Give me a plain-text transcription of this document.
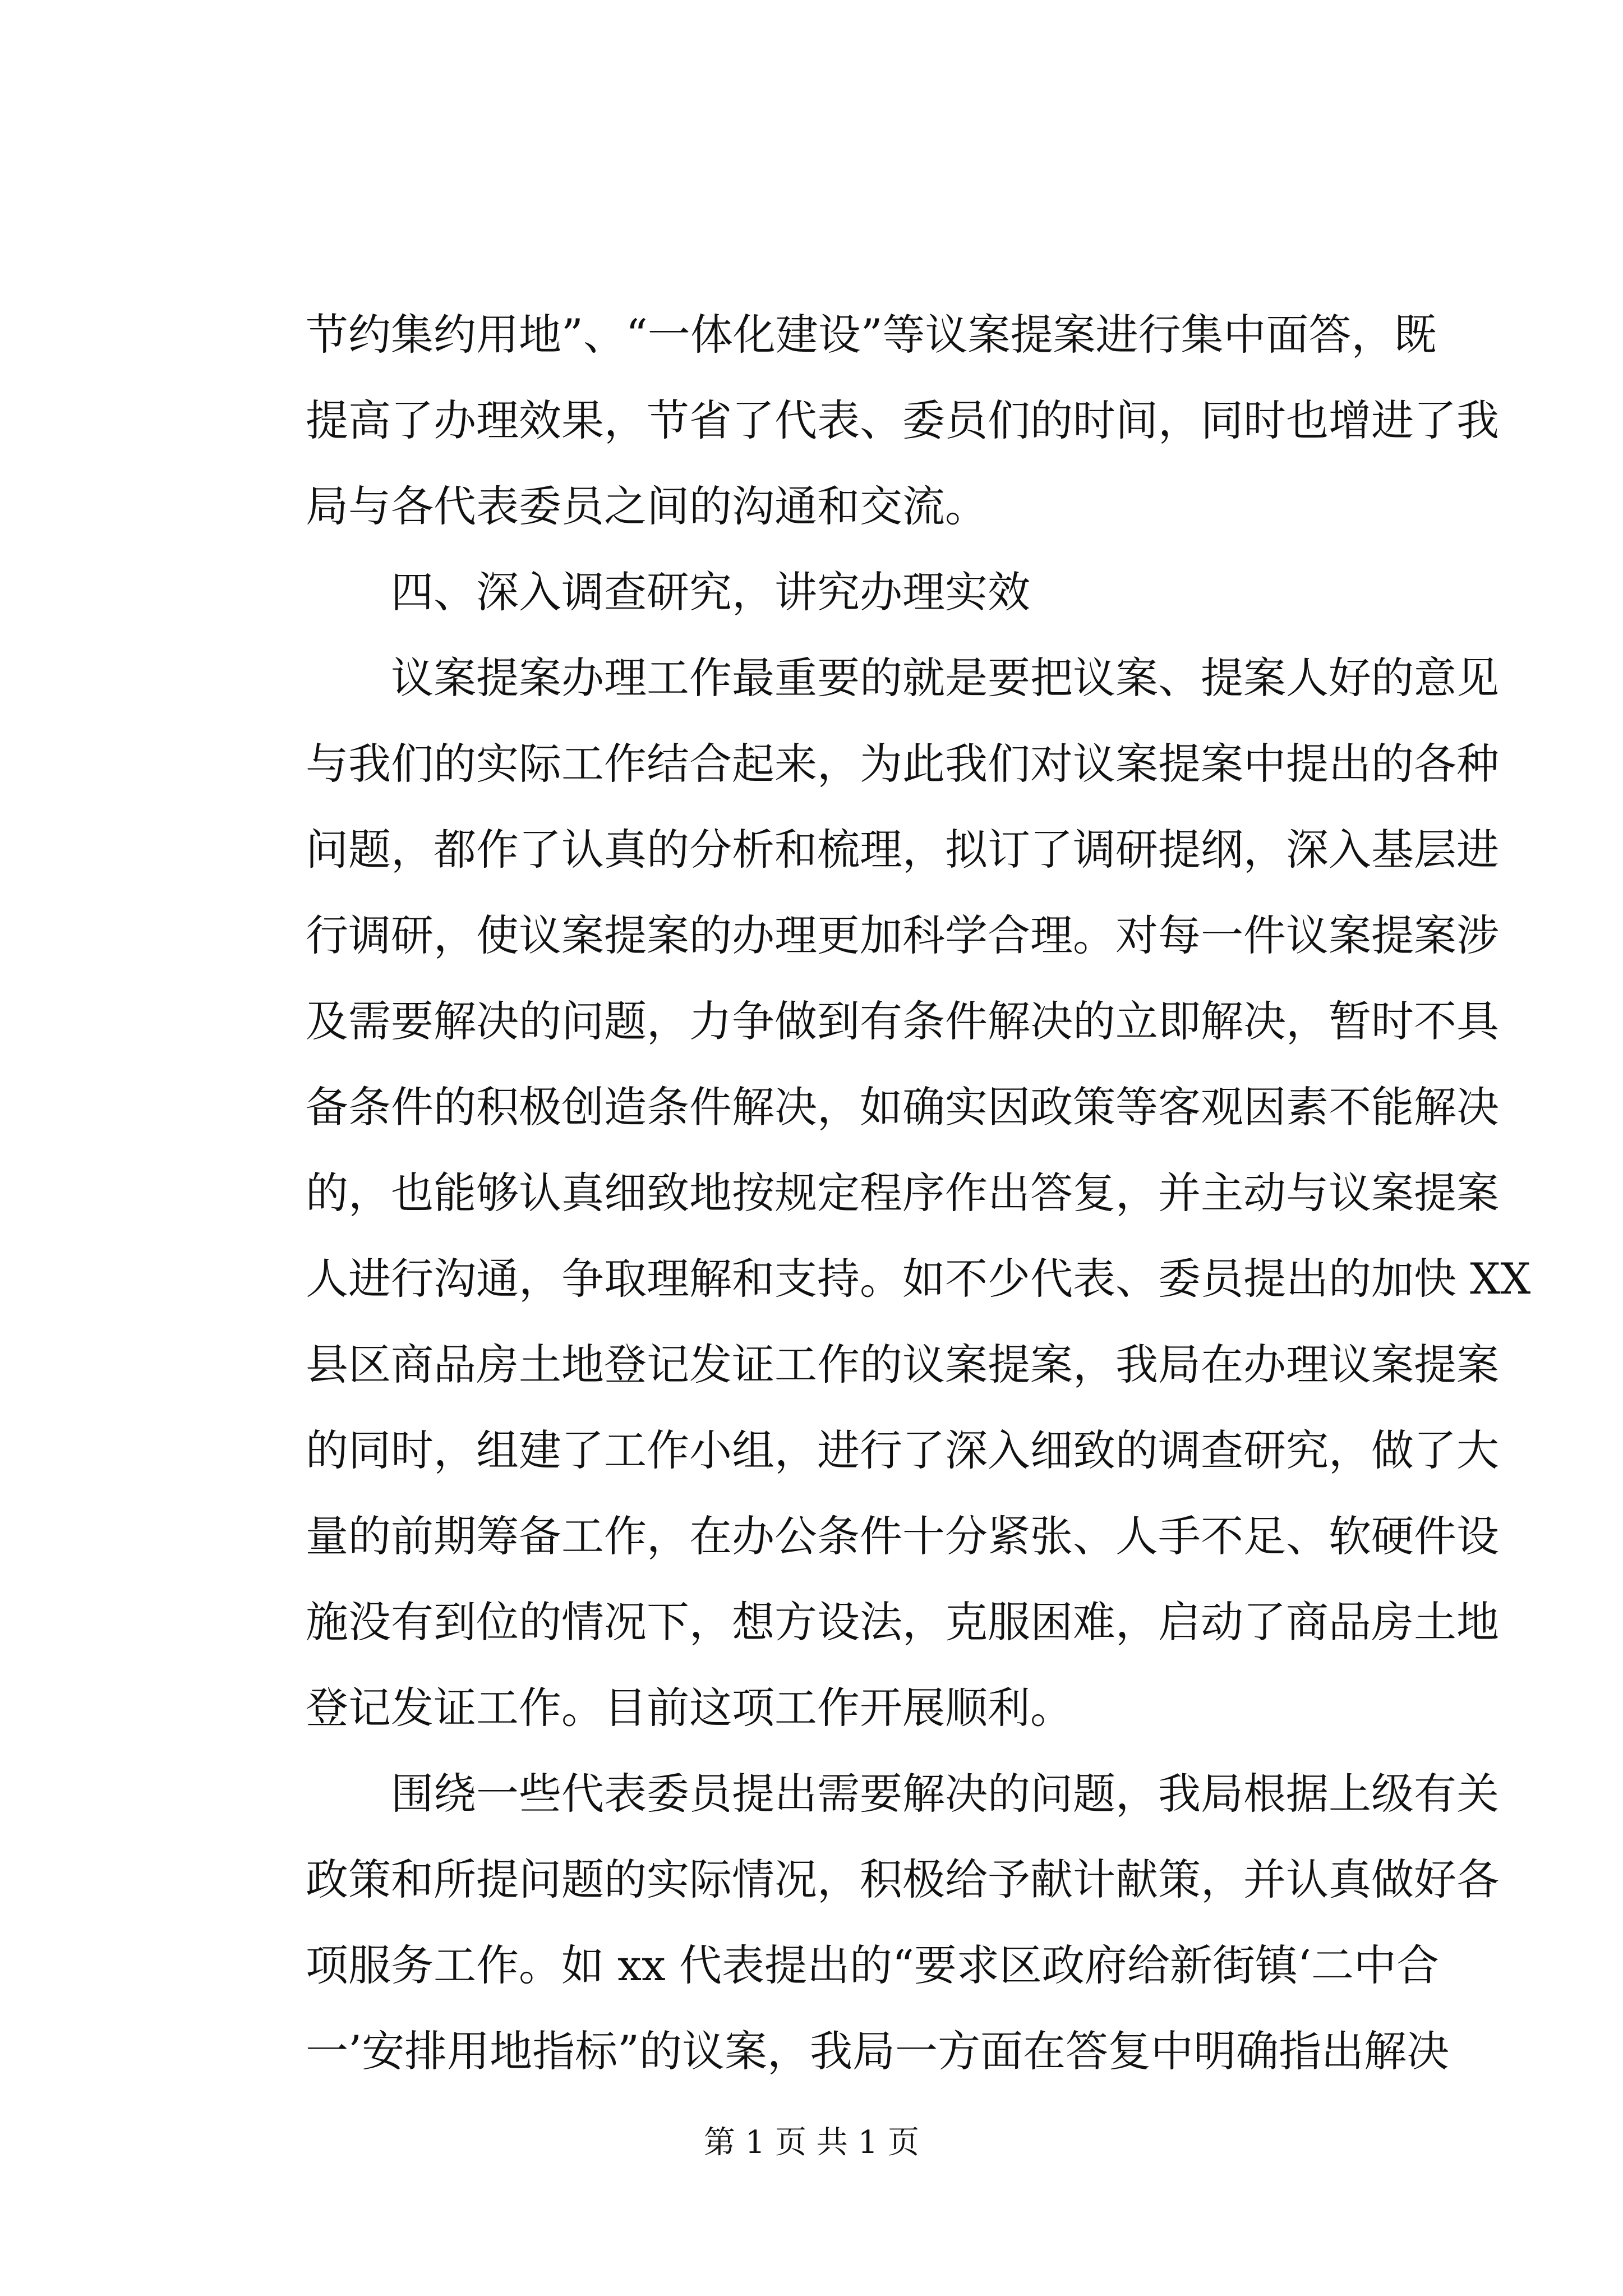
节约集约用地”、“一体化建设”等议案提案进行集中面答，既
提高了办理效果，节省了代表、委员们的时间，同时也增进了我
局与各代表委员之间的沟通和交流。
四、深入调查研究，讲究办理实效
议案提案办理工作最重要的就是要把议案、提案人好的意见
与我们的实际工作结合起来，为此我们对议案提案中提出的各种
问题，都作了认真的分析和梳理，拟订了调研提纲，深入基层进
行调研，使议案提案的办理更加科学合理。对每一件议案提案涉
及需要解决的问题，力争做到有条件解决的立即解决，暂时不具
备条件的积极创造条件解决，如确实因政策等客观因素不能解决
的，也能够认真细致地按规定程序作出答复，并主动与议案提案
人进行沟通，争取理解和支持。如不少代表、委员提出的加快 XX
县区商品房土地登记发证工作的议案提案，我局在办理议案提案
的同时，组建了工作小组，进行了深入细致的调查研究，做了大
量的前期筹备工作，在办公条件十分紧张、人手不足、软硬件设
施没有到位的情况下，想方设法，克服困难，启动了商品房土地
登记发证工作。目前这项工作开展顺利。
围绕一些代表委员提出需要解决的问题，我局根据上级有关
政策和所提问题的实际情况，积极给予献计献策，并认真做好各
项服务工作。如 xx 代表提出的“要求区政府给新街镇‘二中合
一’安排用地指标”的议案，我局一方面在答复中明确指出解决
第 1 页 共 1 页
